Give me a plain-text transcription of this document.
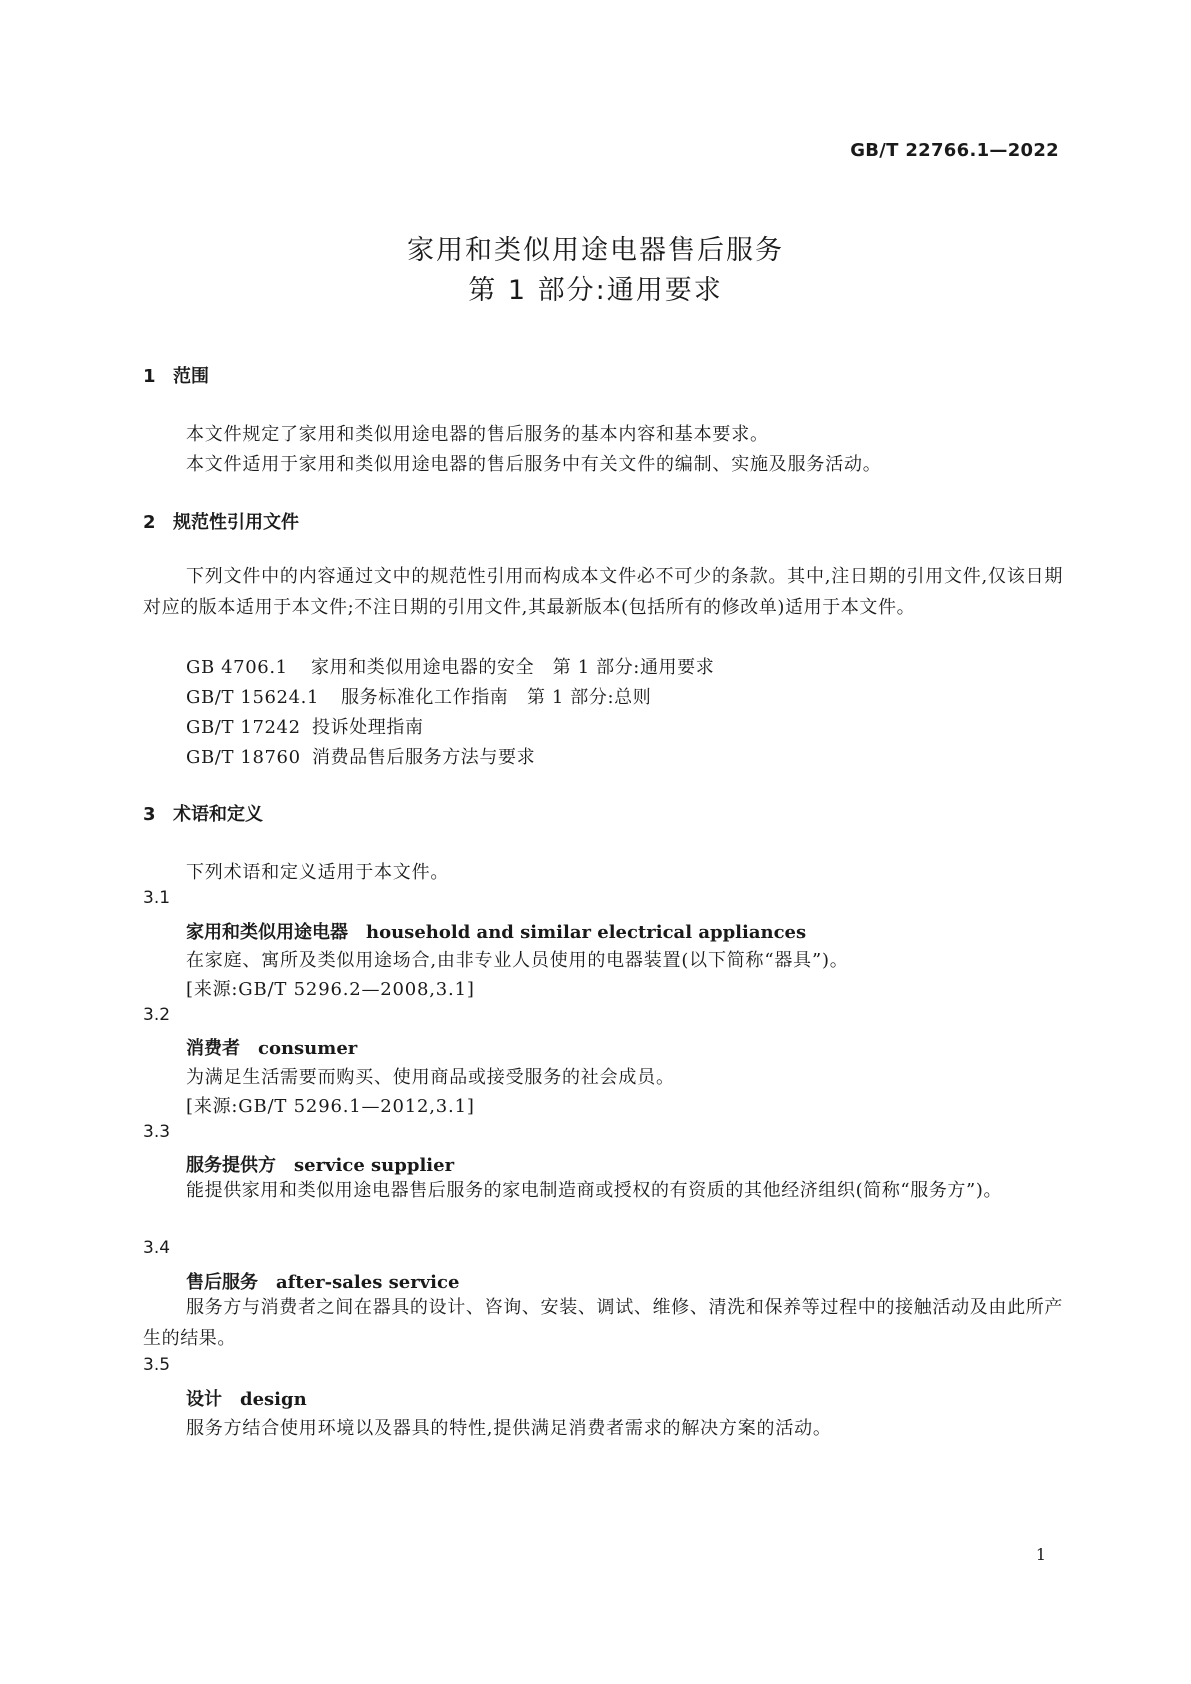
GB/T 22766.1—2022
家用和类似用途电器售后服务
第 1 部分:通用要求
1 范围
本文件规定了家用和类似用途电器的售后服务的基本内容和基本要求。
本文件适用于家用和类似用途电器的售后服务中有关文件的编制、实施及服务活动。
2 规范性引用文件
下列文件中的内容通过文中的规范性引用而构成本文件必不可少的条款。其中,注日期的引用文件,仅该日期对应的版本适用于本文件;不注日期的引用文件,其最新版本(包括所有的修改单)适用于本文件。
GB 4706.1 家用和类似用途电器的安全　第 1 部分:通用要求
GB/T 15624.1 服务标准化工作指南　第 1 部分:总则
GB/T 17242 投诉处理指南
GB/T 18760 消费品售后服务方法与要求
3 术语和定义
下列术语和定义适用于本文件。
3.1
家用和类似用途电器 household and similar electrical appliances
在家庭、寓所及类似用途场合,由非专业人员使用的电器装置(以下简称“器具”)。
[来源:GB/T 5296.2—2008,3.1]
3.2
消费者 consumer
为满足生活需要而购买、使用商品或接受服务的社会成员。
[来源:GB/T 5296.1—2012,3.1]
3.3
服务提供方 service supplier
能提供家用和类似用途电器售后服务的家电制造商或授权的有资质的其他经济组织(简称“服务方”)。
3.4
售后服务 after-sales service
服务方与消费者之间在器具的设计、咨询、安装、调试、维修、清洗和保养等过程中的接触活动及由此所产生的结果。
3.5
设计 design
服务方结合使用环境以及器具的特性,提供满足消费者需求的解决方案的活动。
1
